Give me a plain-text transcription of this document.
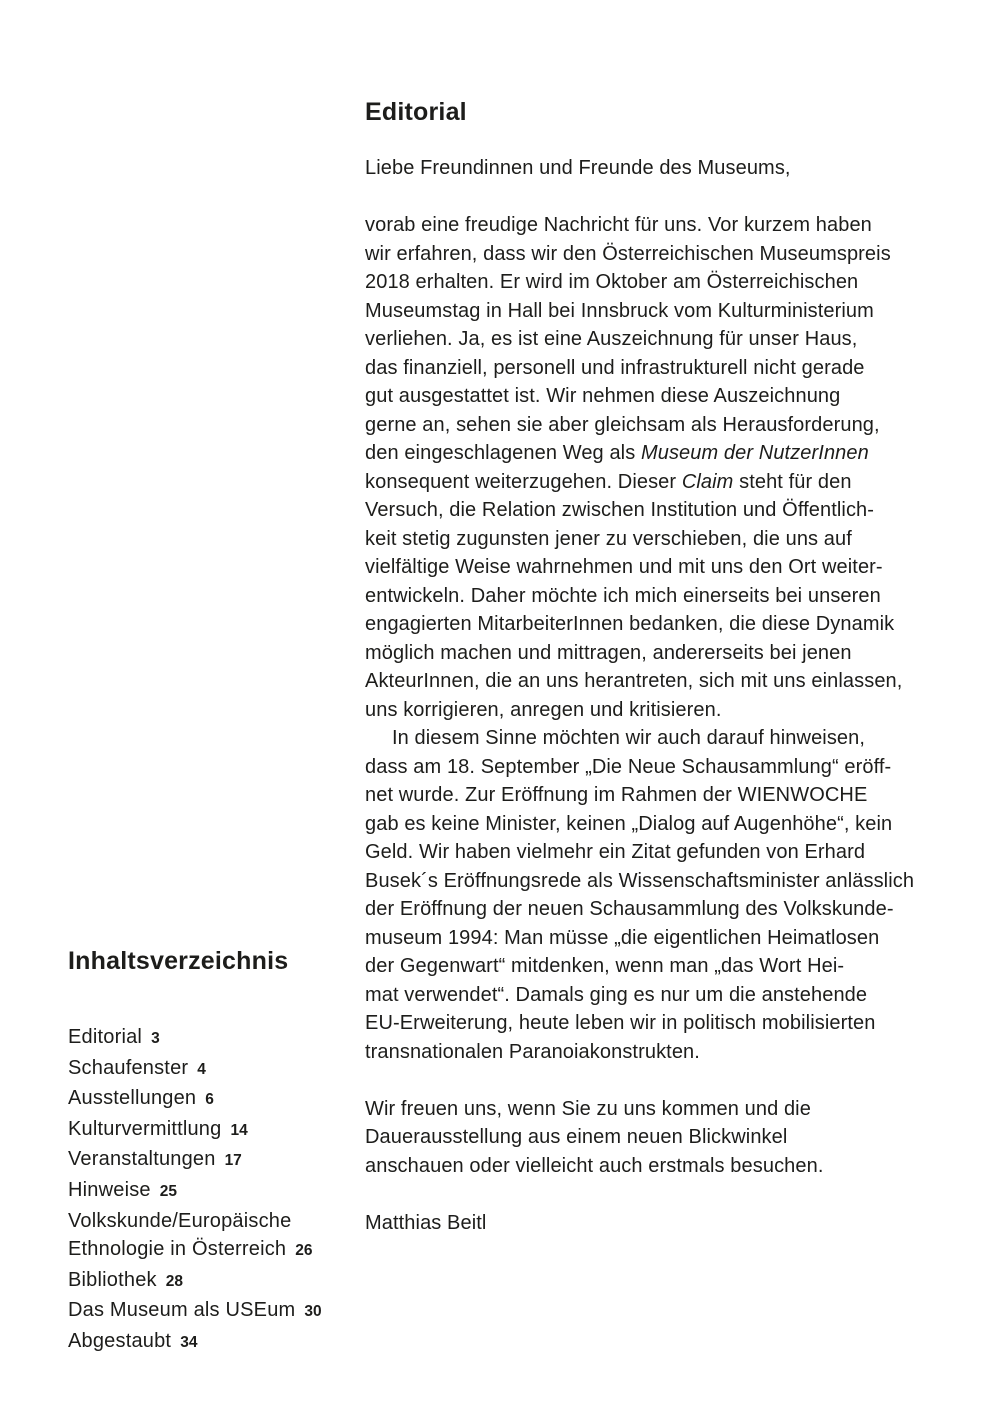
Inhaltsverzeichnis
Editorial 3
Schaufenster 4
Ausstellungen 6
Kulturvermittlung 14
Veranstaltungen 17
Hinweise 25
Volkskunde/Europäische
Ethnologie in Österreich 26
Bibliothek 28
Das Museum als USEum 30
Abgestaubt 34
Editorial
Liebe Freundinnen und Freunde des Museums,
vorab eine freudige Nachricht für uns. Vor kurzem haben
wir erfahren, dass wir den Österreichischen Museumspreis
2018 erhalten. Er wird im Oktober am Österreichischen
Museumstag in Hall bei Innsbruck vom Kulturministerium
verliehen. Ja, es ist eine Auszeichnung für unser Haus,
das finanziell, personell und infrastrukturell nicht gerade
gut ausgestattet ist. Wir nehmen diese Auszeichnung
gerne an, sehen sie aber gleichsam als Herausforderung,
den eingeschlagenen Weg als Museum der NutzerInnen
konsequent weiterzugehen. Dieser Claim steht für den
Versuch, die Relation zwischen Institution und Öffentlich-
keit stetig zugunsten jener zu verschieben, die uns auf
vielfältige Weise wahrnehmen und mit uns den Ort weiter-
entwickeln. Daher möchte ich mich einerseits bei unseren
engagierten MitarbeiterInnen bedanken, die diese Dynamik
möglich machen und mittragen, andererseits bei jenen
AkteurInnen, die an uns herantreten, sich mit uns einlassen,
uns korrigieren, anregen und kritisieren.
In diesem Sinne möchten wir auch darauf hinweisen,
dass am 18. September „Die Neue Schausammlung“ eröff-
net wurde. Zur Eröffnung im Rahmen der WIENWOCHE
gab es keine Minister, keinen „Dialog auf Augenhöhe“, kein
Geld. Wir haben vielmehr ein Zitat gefunden von Erhard
Busek´s Eröffnungsrede als Wissenschaftsminister anlässlich
der Eröffnung der neuen Schausammlung des Volkskunde-
museum 1994: Man müsse „die eigentlichen Heimatlosen
der Gegenwart“ mitdenken, wenn man „das Wort Hei-
mat verwendet“. Damals ging es nur um die anstehende
EU-Erweiterung, heute leben wir in politisch mobilisierten
transnationalen Paranoiakonstrukten.
Wir freuen uns, wenn Sie zu uns kommen und die
Dauerausstellung aus einem neuen Blickwinkel
anschauen oder vielleicht auch erstmals besuchen.
Matthias Beitl
